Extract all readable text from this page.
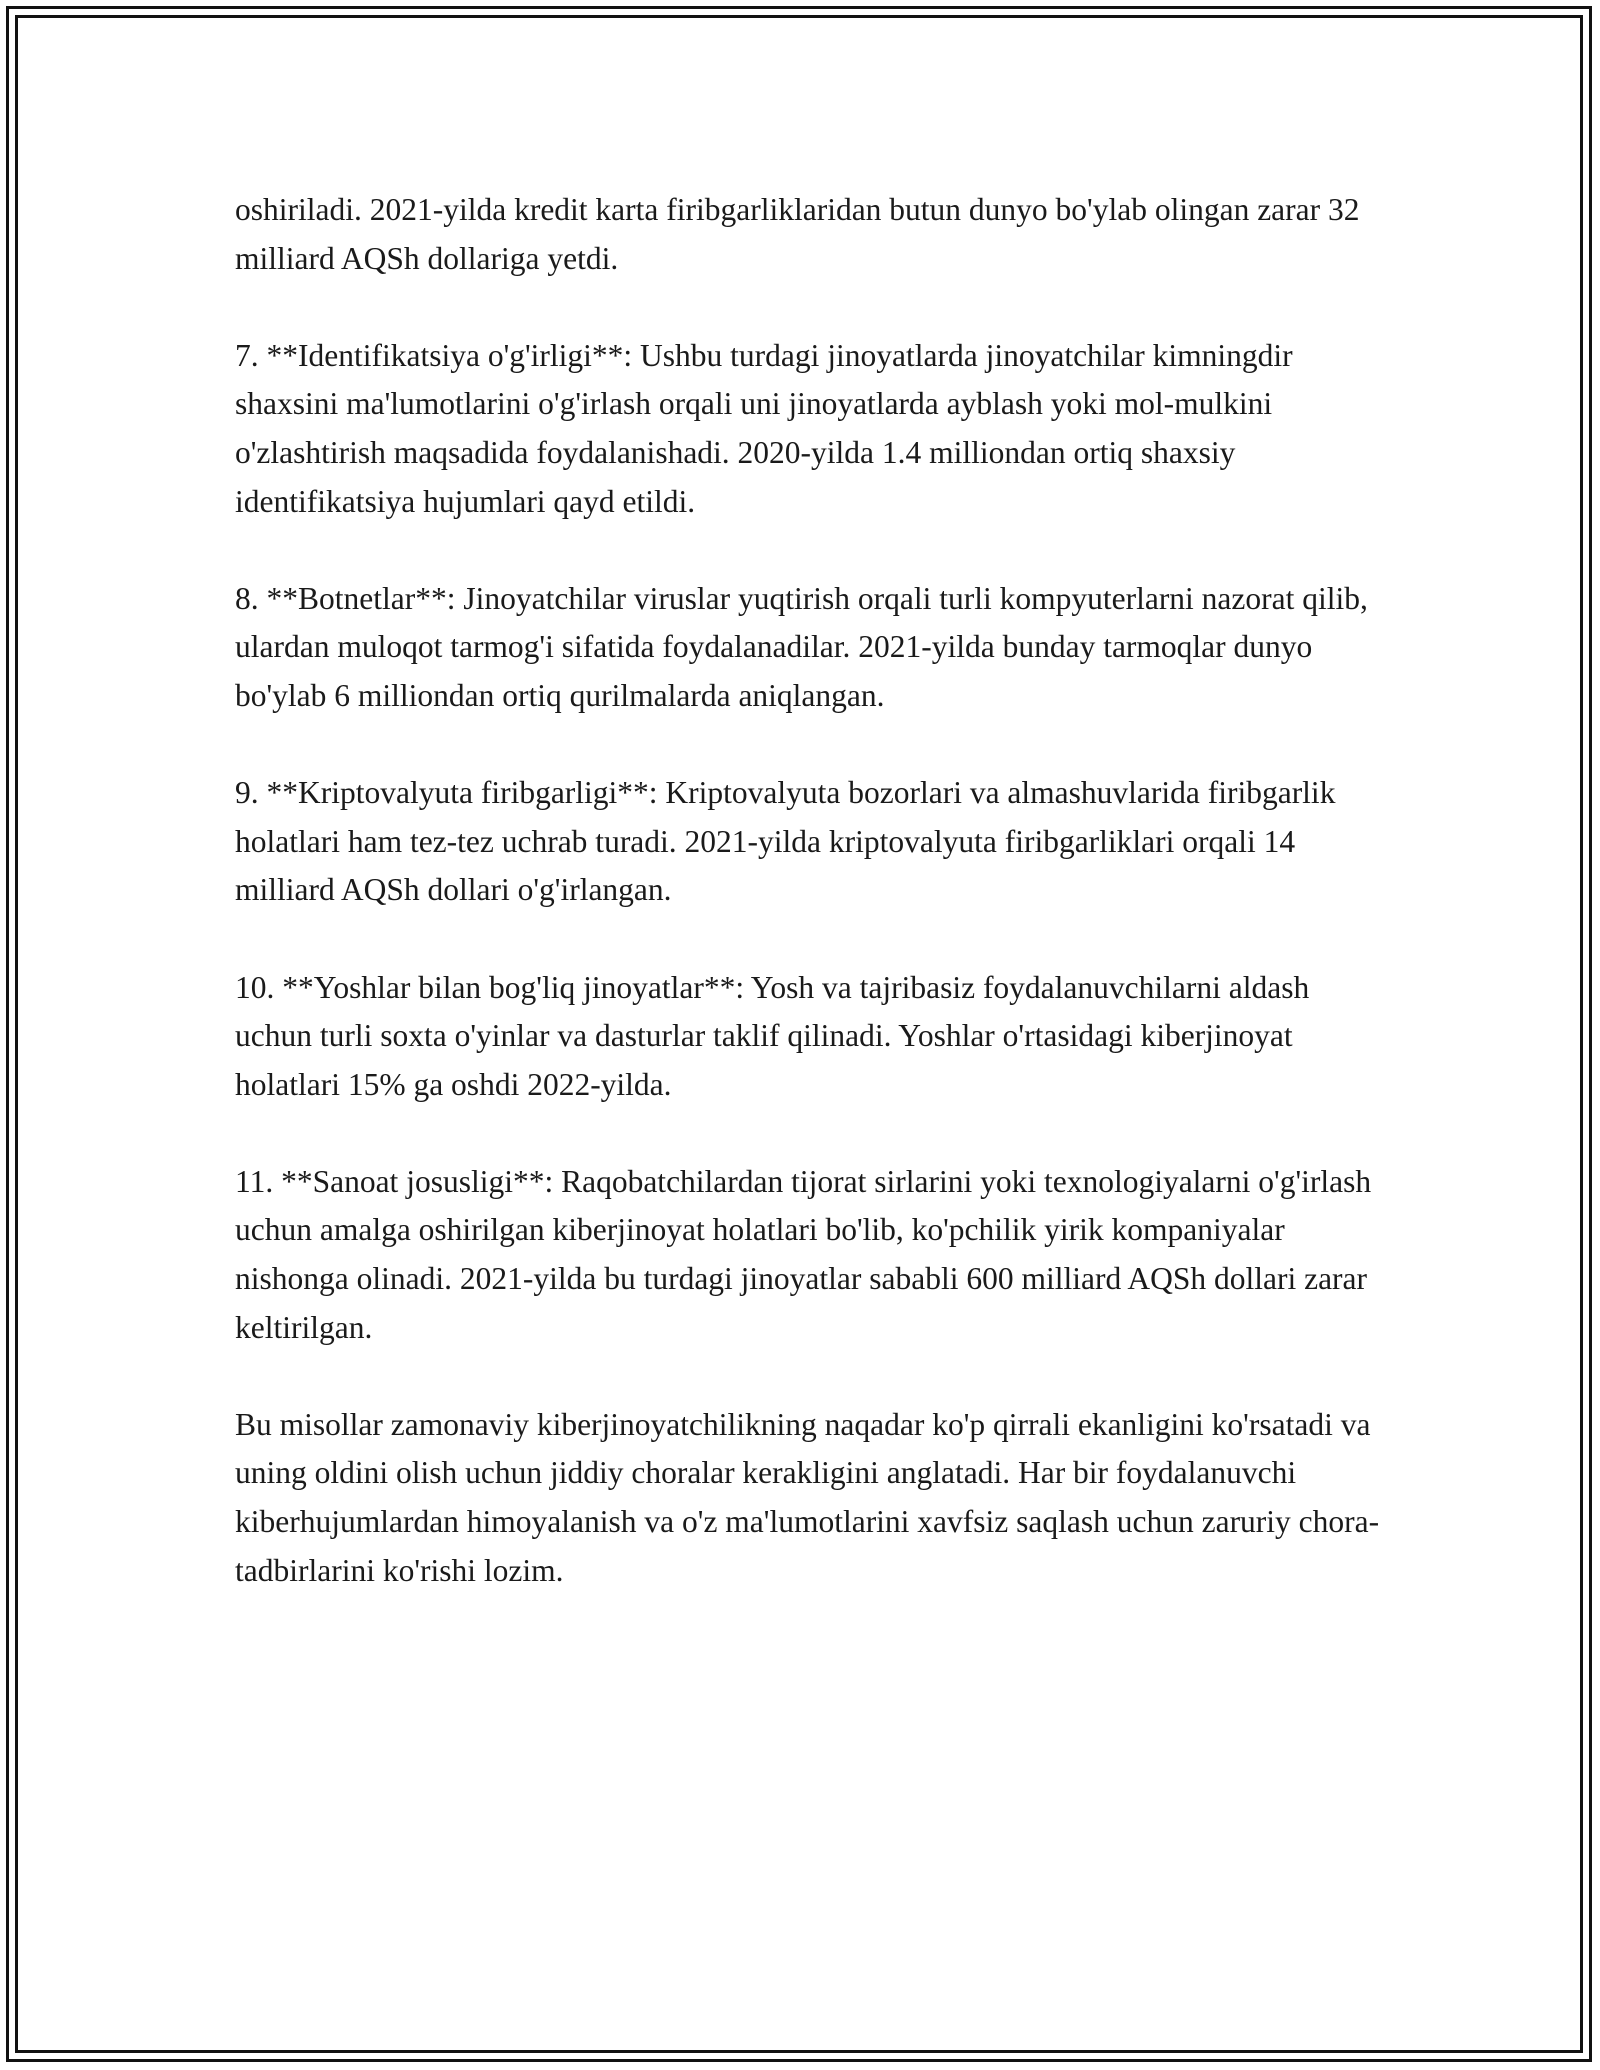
oshiriladi. 2021-yilda kredit karta firibgarliklaridan butun dunyo bo'ylab olingan zarar 32 milliard AQSh dollariga yetdi.

7. **Identifikatsiya o'g'irligi**: Ushbu turdagi jinoyatlarda jinoyatchilar kimningdir shaxsini ma'lumotlarini o'g'irlash orqali uni jinoyatlarda ayblash yoki mol-mulkini o'zlashtirish maqsadida foydalanishadi. 2020-yilda 1.4 milliondan ortiq shaxsiy identifikatsiya hujumlari qayd etildi.

8. **Botnetlar**: Jinoyatchilar viruslar yuqtirish orqali turli kompyuterlarni nazorat qilib, ulardan muloqot tarmog'i sifatida foydalanadilar. 2021-yilda bunday tarmoqlar dunyo bo'ylab 6 milliondan ortiq qurilmalarda aniqlangan.

9. **Kriptovalyuta firibgarligi**: Kriptovalyuta bozorlari va almashuvlarida firibgarlik holatlari ham tez-tez uchrab turadi. 2021-yilda kriptovalyuta firibgarliklari orqali 14 milliard AQSh dollari o'g'irlangan.

10. **Yoshlar bilan bog'liq jinoyatlar**: Yosh va tajribasiz foydalanuvchilarni aldash uchun turli soxta o'yinlar va dasturlar taklif qilinadi. Yoshlar o'rtasidagi kiberjinoyat holatlari 15% ga oshdi 2022-yilda.

11. **Sanoat josusligi**: Raqobatchilardan tijorat sirlarini yoki texnologiyalarni o'g'irlash uchun amalga oshirilgan kiberjinoyat holatlari bo'lib, ko'pchilik yirik kompaniyalar nishonga olinadi. 2021-yilda bu turdagi jinoyatlar sababli 600 milliard AQSh dollari zarar keltirilgan.

Bu misollar zamonaviy kiberjinoyatchilikning naqadar ko'p qirrali ekanligini ko'rsatadi va uning oldini olish uchun jiddiy choralar kerakligini anglatadi. Har bir foydalanuvchi kiberhujumlardan himoyalanish va o'z ma'lumotlarini xavfsiz saqlash uchun zaruriy chora-tadbirlarini ko'rishi lozim.
